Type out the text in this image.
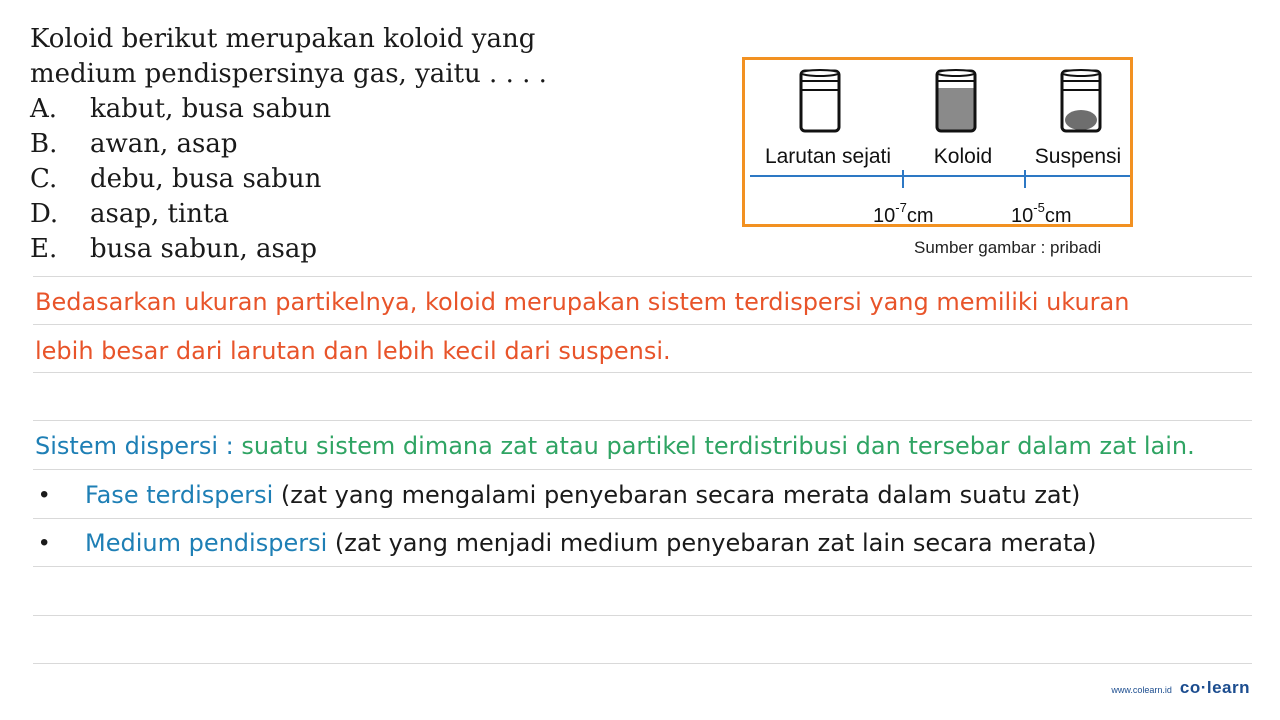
Koloid berikut merupakan koloid yang
medium pendispersinya gas, yaitu . . . .
A.	kabut, busa sabun
B.	awan, asap
C.	debu, busa sabun
D.	asap, tinta
E.	busa sabun, asap
Larutan sejati Koloid Suspensi
$10^{-7}cm$	$10^{-5}cm$
Sumber gambar : pribadi
Bedasarkan ukuran partikelnya, koloid merupakan sistem terdispersi yang memiliki ukuran
lebih besar dari larutan dan lebih kecil dari suspensi.
Sistem dispersi : suatu sistem dimana zat atau partikel terdistribusi dan tersebar dalam zat lain.
• Fase terdispersi (zat yang mengalami penyebaran secara merata dalam suatu zat)
• Medium pendispersi (zat yang menjadi medium penyebaran zat lain secara merata)
www.colearn.id co·learn
